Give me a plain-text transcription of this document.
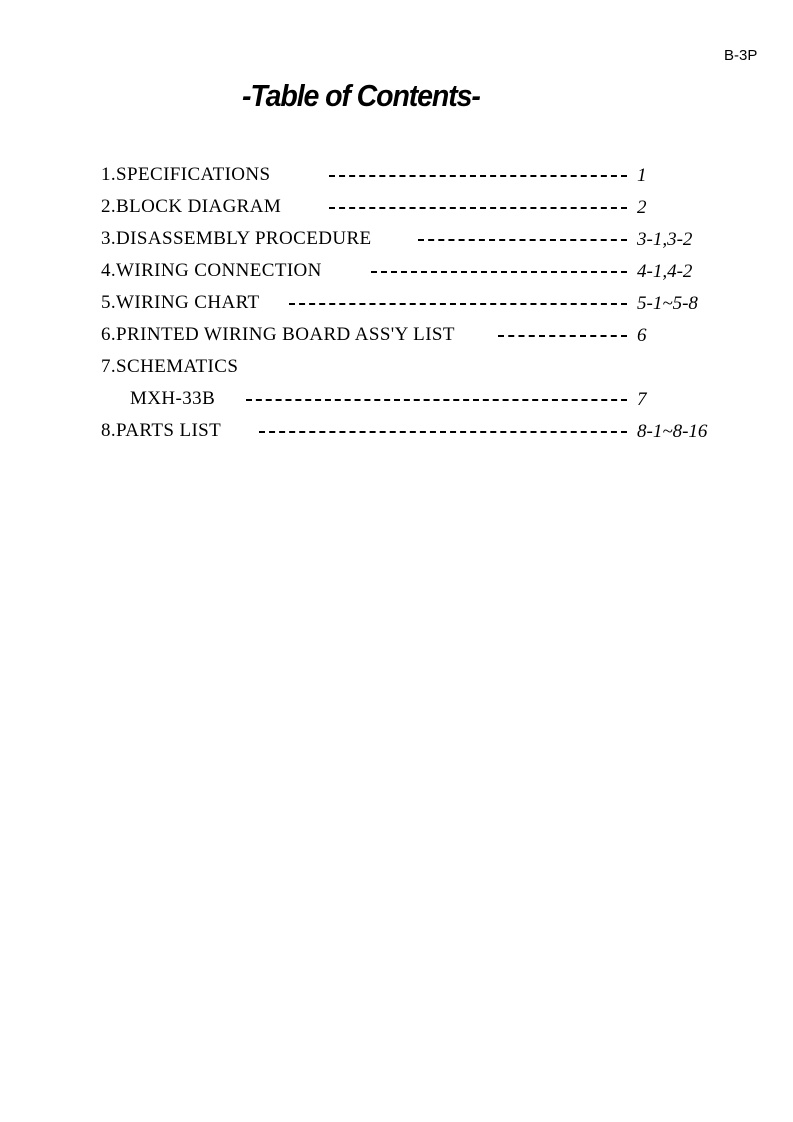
B-3P
-Table of Contents-
1.SPECIFICATIONS	1
2.BLOCK DIAGRAM	2
3.DISASSEMBLY PROCEDURE	3-1,3-2
4.WIRING CONNECTION	4-1,4-2
5.WIRING CHART	5-1~5-8
6.PRINTED WIRING BOARD ASS'Y LIST	6
7.SCHEMATICS
MXH-33B	7
8.PARTS LIST	8-1~8-16
